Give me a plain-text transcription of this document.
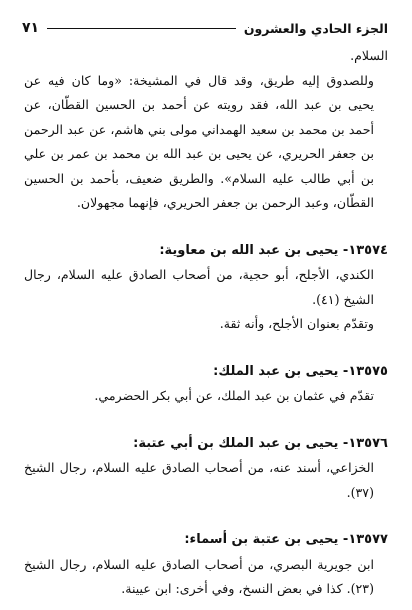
الجزء الحادي والعشرون
٧١

السلام.

وللصدوق إليه طريق، وقد قال في المشيخة: «وما كان فيه عن يحيى بن عبد الله، فقد رويته عن أحمد بن الحسين القطّان، عن أحمد بن محمد بن سعيد الهمداني مولى بني هاشم، عن عبد الرحمن بن جعفر الحريري، عن يحيى بن عبد الله بن محمد بن عمر بن علي بن أبي طالب عليه السلام». والطريق ضعيف، بأحمد بن الحسين القطّان، وعبد الرحمن بن جعفر الحريري، فإنهما مجهولان.

١٣٥٧٤- يحيى بن عبد الله بن معاوية:

الكندي، الأجلح، أبو حجية، من أصحاب الصادق عليه السلام، رجال الشيخ (٤١).

وتقدّم بعنوان الأجلح، وأنه ثقة.

١٣٥٧٥- يحيى بن عبد الملك:

تقدّم في عثمان بن عبد الملك، عن أبي بكر الحضرمي.

١٣٥٧٦- يحيى بن عبد الملك بن أبي عتبة:

الخزاعي، أسند عنه، من أصحاب الصادق عليه السلام، رجال الشيخ (٣٧).

١٣٥٧٧- يحيى بن عتبة بن أسماء:

ابن جويرية البصري، من أصحاب الصادق عليه السلام، رجال الشيخ (٢٣). كذا في بعض النسخ، وفي أخرى: ابن عيينة.
